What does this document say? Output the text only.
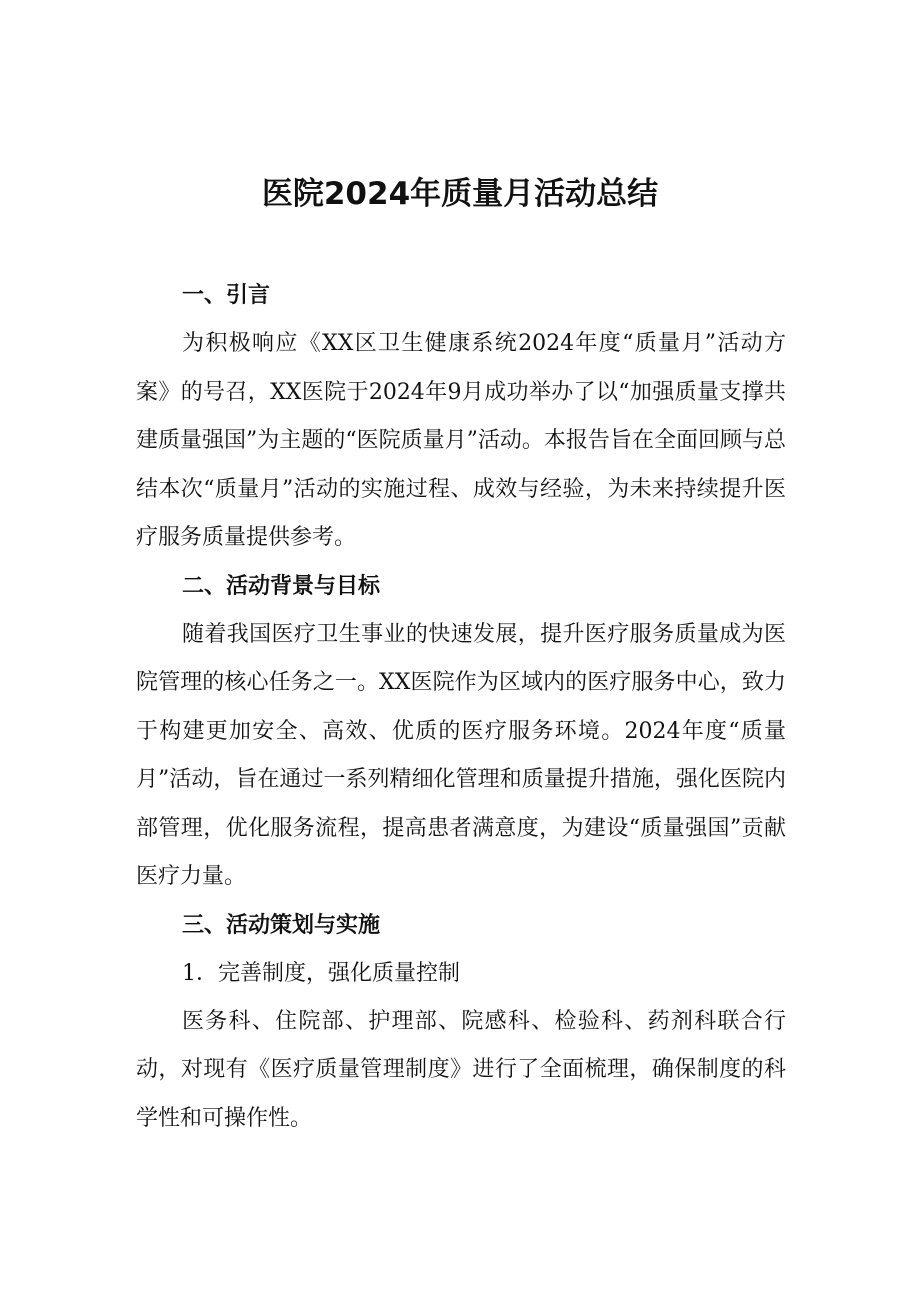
医院2024年质量月活动总结
一、引言

为积极响应《XX区卫生健康系统2024年度“质量月”活动方案》的号召，XX医院于2024年9月成功举办了以“加强质量支撑共建质量强国”为主题的“医院质量月”活动。本报告旨在全面回顾与总结本次“质量月”活动的实施过程、成效与经验，为未来持续提升医疗服务质量提供参考。

二、活动背景与目标

随着我国医疗卫生事业的快速发展，提升医疗服务质量成为医院管理的核心任务之一。XX医院作为区域内的医疗服务中心，致力于构建更加安全、高效、优质的医疗服务环境。2024年度“质量月”活动，旨在通过一系列精细化管理和质量提升措施，强化医院内部管理，优化服务流程，提高患者满意度，为建设“质量强国”贡献医疗力量。

三、活动策划与实施

1．完善制度，强化质量控制

医务科、住院部、护理部、院感科、检验科、药剂科联合行动，对现有《医疗质量管理制度》进行了全面梳理，确保制度的科学性和可操作性。
